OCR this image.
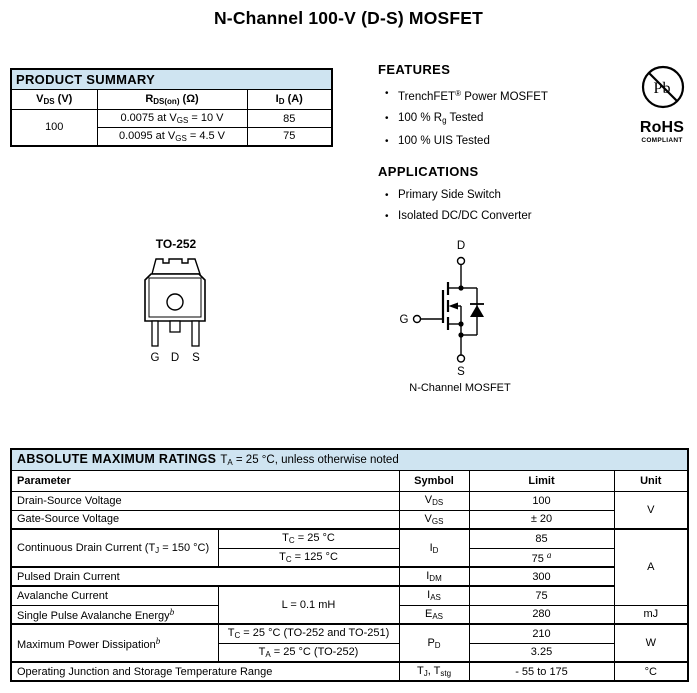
N-Channel 100-V (D-S) MOSFET
PRODUCT SUMMARY		
$V_{DS}$ (V)	$R_{DS(on)}$ (Ω)	$I_D$ (A)
100	0.0075 at $V_{GS} = 10$ V	85
	0.0095 at $V_{GS} = 4.5$ V	75
FEATURES
• TrenchFET® Power MOSFET
• 100 % $R_g$ Tested
• 100 % UIS Tested
APPLICATIONS
• Primary Side Switch
• Isolated DC/DC Converter
Pb
RoHS
COMPLIANT
TO-252
G D S
D
G
S
N-Channel MOSFET
ABSOLUTE MAXIMUM RATINGS $T_A = 25$ °C, unless otherwise noted				
Parameter		Symbol	Limit	Unit
Drain-Source Voltage		$V_{DS}$	100	V
Gate-Source Voltage		$V_{GS}$	± 20	
Continuous Drain Current ($T_J = 150$ °C)	$T_C = 25$ °C	$I_D$	85	A
	$T_C = 125$ °C		75 $^a$
Pulsed Drain Current		$I_{DM}$	300	
Avalanche Current	L = 0.1 mH	$I_{AS}$	75	
Single Pulse Avalanche Energy$^b$		$E_{AS}$	280	mJ
Maximum Power Dissipation$^b$	$T_C = 25$ °C (TO-252 and TO-251)	$P_D$	210	W
	$T_A = 25$ °C (TO-252)		3.25	
Operating Junction and Storage Temperature Range		$T_J$, $T_{stg}$	- 55 to 175	°C
